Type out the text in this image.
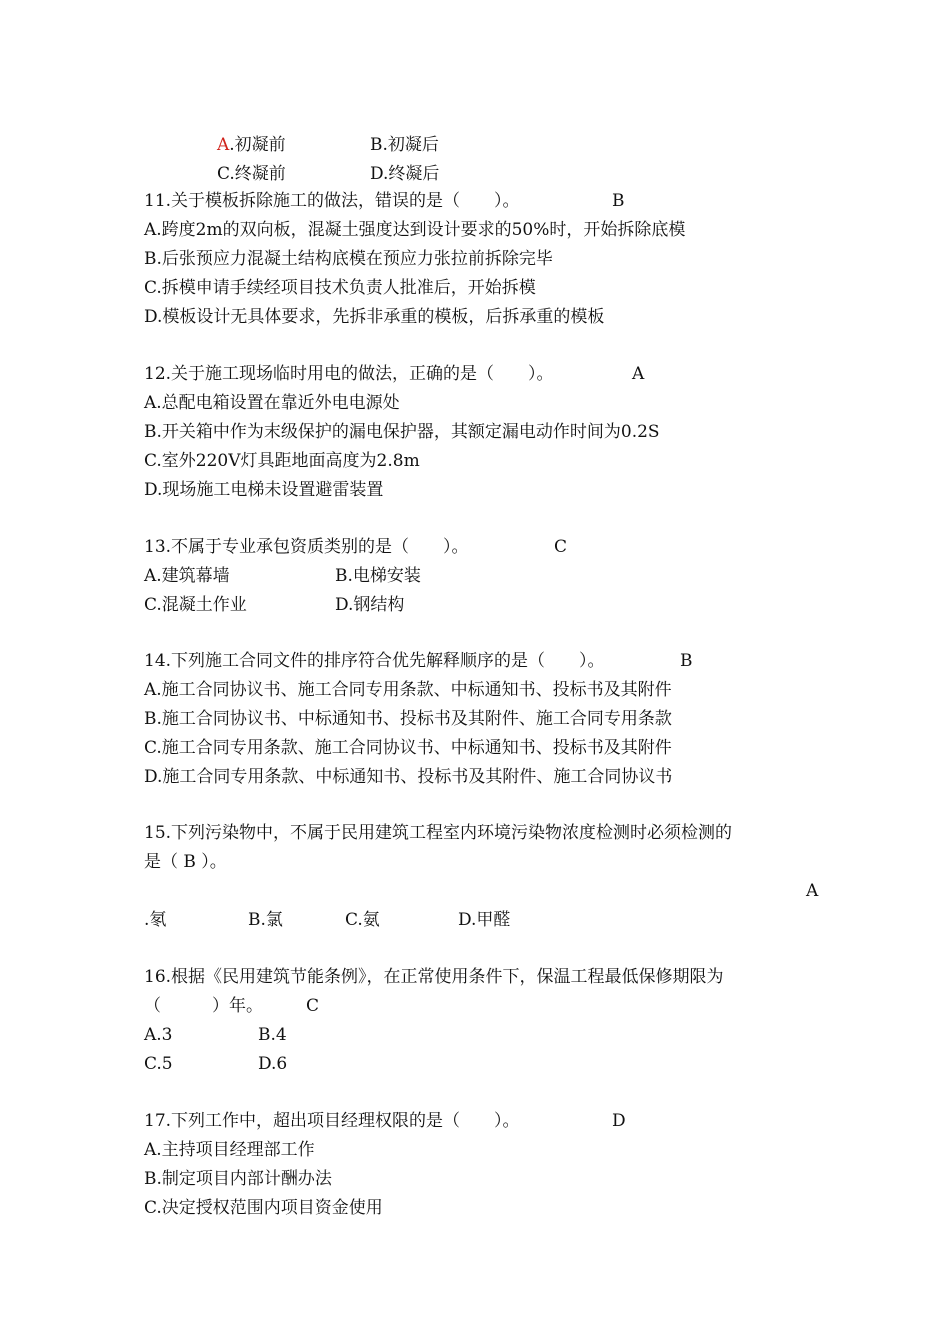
A.初凝前	B.初凝后
C.终凝前	D.终凝后
11.关于模板拆除施工的做法，错误的是（　　）。	B
A.跨度2m的双向板，混凝土强度达到设计要求的50%时，开始拆除底模
B.后张预应力混凝土结构底模在预应力张拉前拆除完毕
C.拆模申请手续经项目技术负责人批准后，开始拆模
D.模板设计无具体要求，先拆非承重的模板，后拆承重的模板
12.关于施工现场临时用电的做法，正确的是（　　）。	A
A.总配电箱设置在靠近外电电源处
B.开关箱中作为末级保护的漏电保护器，其额定漏电动作时间为0.2S
C.室外220V灯具距地面高度为2.8m
D.现场施工电梯未设置避雷装置
13.不属于专业承包资质类别的是（　　）。	C
A.建筑幕墙	B.电梯安装
C.混凝土作业	D.钢结构
14.下列施工合同文件的排序符合优先解释顺序的是（　　）。	B
A.施工合同协议书、施工合同专用条款、中标通知书、投标书及其附件
B.施工合同协议书、中标通知书、投标书及其附件、施工合同专用条款
C.施工合同专用条款、施工合同协议书、中标通知书、投标书及其附件
D.施工合同专用条款、中标通知书、投标书及其附件、施工合同协议书
15.下列污染物中，不属于民用建筑工程室内环境污染物浓度检测时必须检测的
是（ B ）。
A
.氡	B.氯	C.氨	D.甲醛
16.根据《民用建筑节能条例》，在正常使用条件下，保温工程最低保修期限为
（　　　）年。	C
A.3	B.4
C.5	D.6
17.下列工作中，超出项目经理权限的是（　　）。	D
A.主持项目经理部工作
B.制定项目内部计酬办法
C.决定授权范围内项目资金使用
